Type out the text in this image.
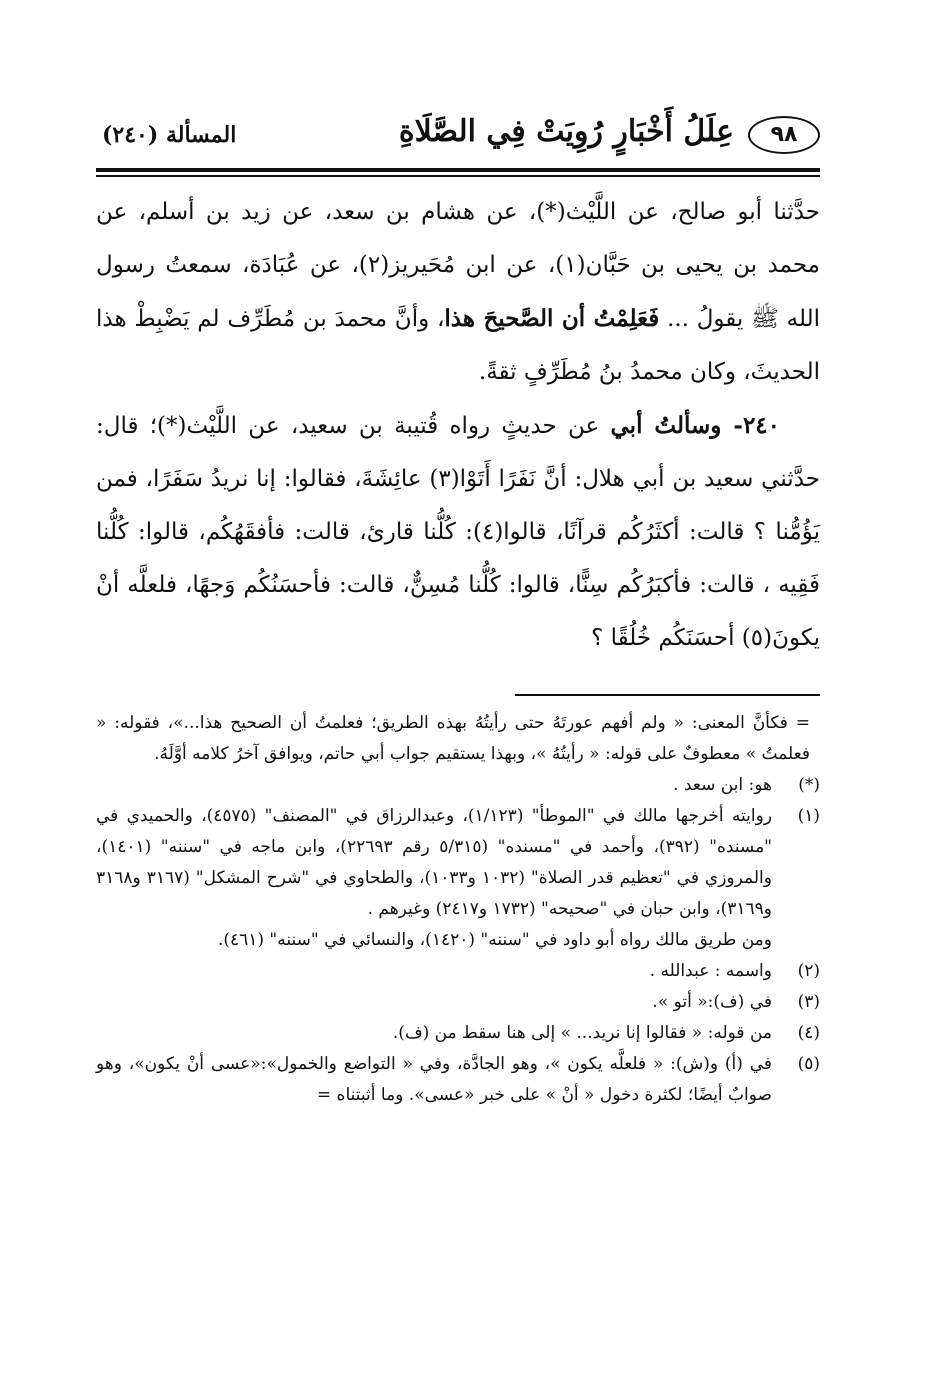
٩٨
عِلَلُ أَخْبَارٍ رُوِيَتْ فِي الصَّلَاةِ
المسألة (٢٤٠)

حدَّثنا أبو صالح، عن اللَّيْث(*)، عن هشام بن سعد، عن زيد بن أسلم، عن محمد بن يحيى بن حَبَّان(١)، عن ابن مُحَيريز(٢)، عن عُبَادَة، سمعتُ رسول الله ﷺ يقولُ ... فَعَلِمْتُ أن الصَّحيحَ هذا، وأنَّ محمدَ بن مُطَرِّف لم يَضْبِطْ هذا الحديثَ، وكان محمدُ بنُ مُطَرِّفٍ ثقةً.

٢٤٠- وسألتُ أبي عن حديثٍ رواه قُتيبة بن سعيد، عن اللَّيْث(*)؛ قال: حدَّثني سعيد بن أبي هلال: أنَّ نَفَرًا أَتَوْا(٣) عائِشَةَ، فقالوا: إنا نريدُ سَفَرًا، فمن يَؤُمُّنا ؟ قالت: أكثَرُكُم قرآنًا، قالوا(٤): كُلُّنا قارئ، قالت: فأفقَهُكُم، قالوا: كُلُّنا فَقِيه ، قالت: فأكبَرُكُم سِنًّا، قالوا: كُلُّنا مُسِنٌّ، قالت: فأحسَنُكُم وَجهًا، فلعلَّه أنْ يكونَ(٥) أحسَنَكُم خُلُقًا ؟

= فكأنَّ المعنى: « ولم أفهم عورتَهُ حتى رأيتُهُ بهذه الطريق؛ فعلمتُ أن الصحيح هذا...»، فقوله: « فعلمتُ » معطوفٌ على قوله: « رأيتُهُ »، وبهذا يستقيم جواب أبي حاتم، ويوافق آخرُ كلامه أوَّلَهُ.
(*)
هو: ابن سعد .
(١)
روايته أخرجها مالك في "الموطأ" (١/١٢٣)، وعبدالرزاق في "المصنف" (٤٥٧٥)، والحميدي في "مسنده" (٣٩٢)، وأحمد في "مسنده" (٥/٣١٥ رقم ٢٢٦٩٣)، وابن ماجه في "سننه" (١٤٠١)، والمروزي في "تعظيم قدر الصلاة" (١٠٣٢ و١٠٣٣)، والطحاوي في "شرح المشكل" (٣١٦٧ و٣١٦٨ و٣١٦٩)، وابن حبان في "صحيحه" (١٧٣٢ و٢٤١٧) وغيرهم .
ومن طريق مالك رواه أبو داود في "سننه" (١٤٢٠)، والنسائي في "سننه" (٤٦١).
(٢)
واسمه : عبدالله .
(٣)
في (ف):« أتو ».
(٤)
من قوله: « فقالوا إنا نريد... » إلى هنا سقط من (ف).
(٥)
في (أ) و(ش): « فلعلَّه يكون »، وهو الجادَّة، وفي « التواضع والخمول»:«عسى أنْ يكون»، وهو صوابٌ أيضًا؛ لكثرة دخول « أنْ » على خبر «عسى». وما أثبتناه =
